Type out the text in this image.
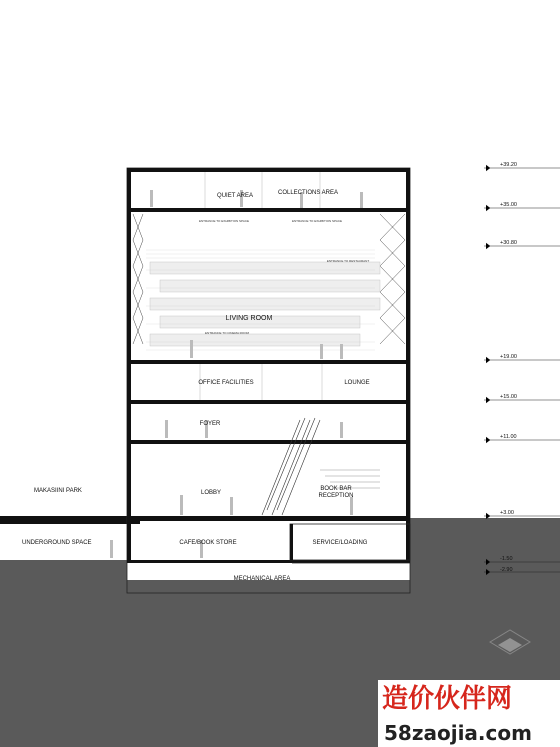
QUIET AREA	COLLECTIONS AREA
LIVING ROOM
OFFICE FACILITIES	LOUNGE
FOYER
LOBBY
BOOK BAR
RECEPTION
MAKASIINI PARK
UNDERGROUND SPACE	CAFE/BOOK STORE	SERVICE/LOADING
MECHANICAL AREA
ENTRANCE TO EXHIBITION SPACE	ENTRANCE TO EXHIBITION SPACE
ENTRANCE TO RESTAURANT
ENTRANCE TO CINEMA ROOM
+39.20
+35.00
+30.80
+19.00
+15.00
+11.00
+3.00
-1.50
-2.90
造价伙伴网
58zaojia.com
